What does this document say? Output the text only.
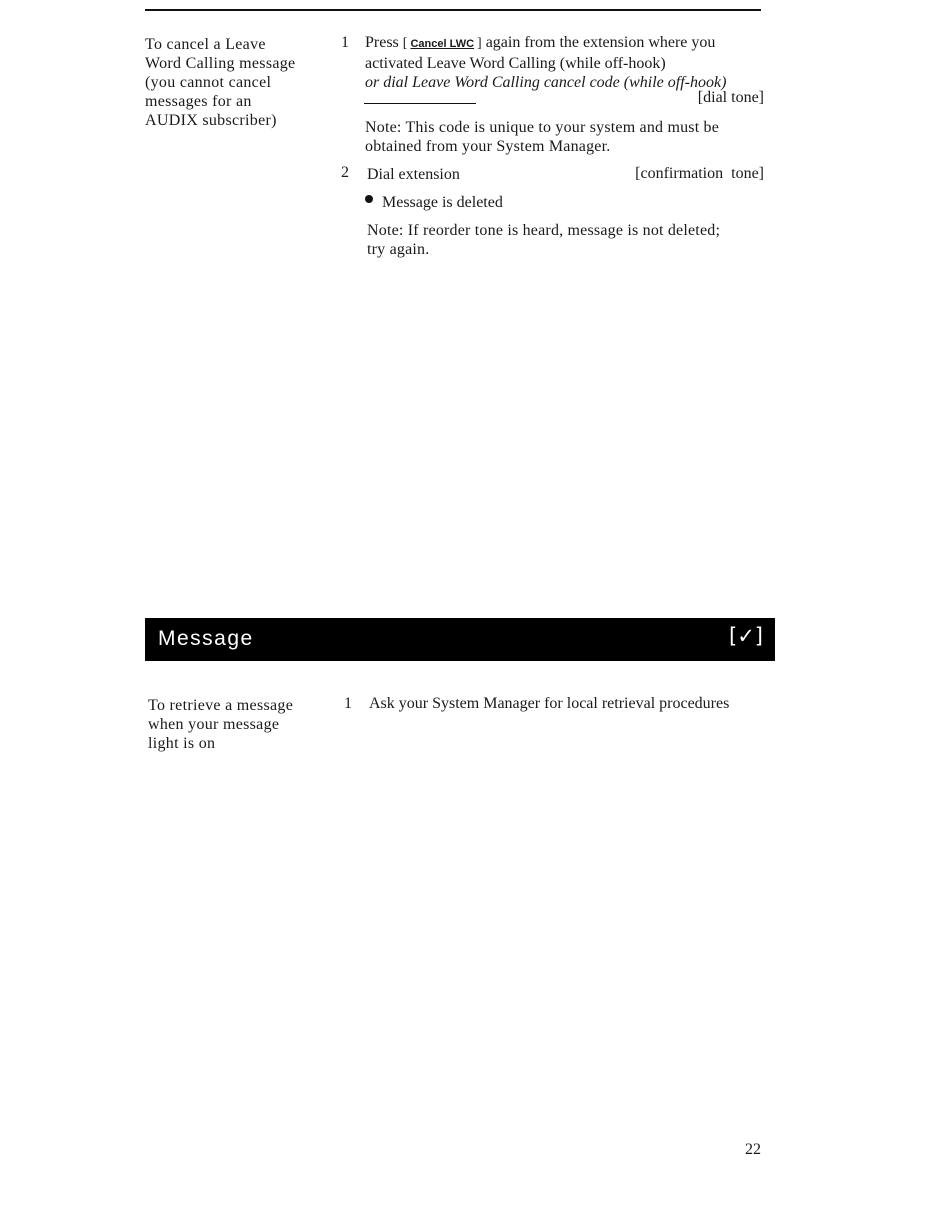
To cancel a Leave
Word Calling message
(you cannot cancel
messages for an
AUDIX subscriber)
1 Press [ Cancel LWC ] again from the extension where you
activated Leave Word Calling (while off-hook)
or dial Leave Word Calling cancel code (while off-hook)
[dial tone]
Note: This code is unique to your system and must be
obtained from your System Manager.
2 Dial extension	[confirmation  tone]
Message is deleted
Note: If reorder tone is heard, message is not deleted;
try again.
Message	[✓]
To retrieve a message
when your message
light is on
1 Ask your System Manager for local retrieval procedures
22
